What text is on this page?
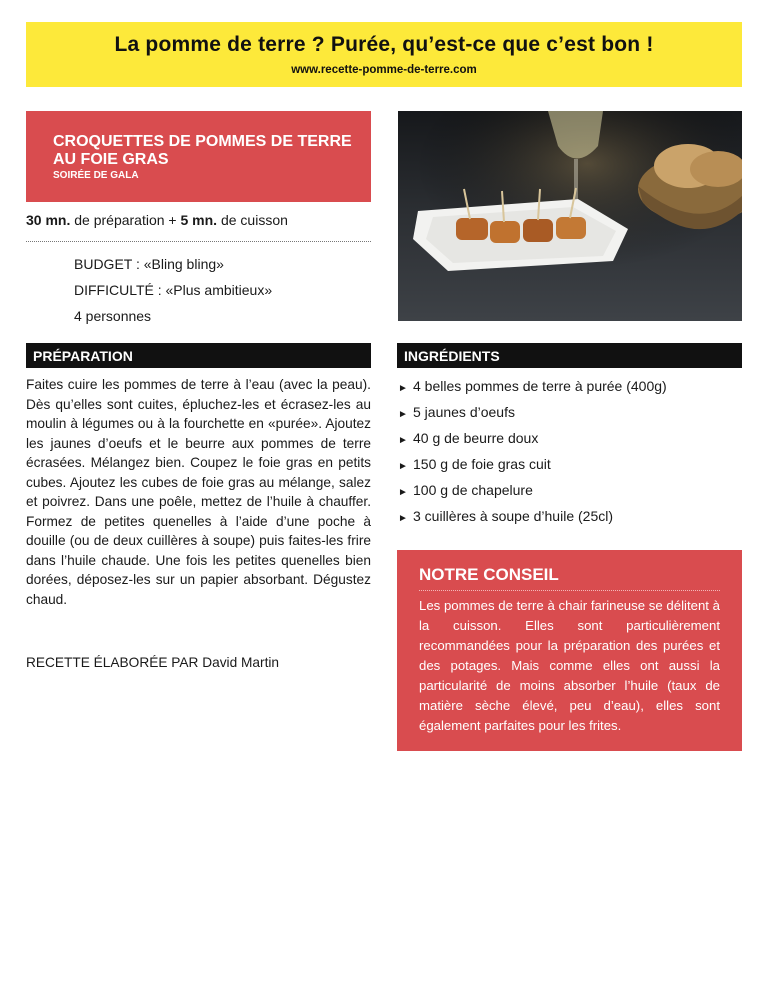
La pomme de terre ? Purée, qu’est-ce que c’est bon !
www.recette-pomme-de-terre.com
CROQUETTES DE POMMES DE TERRE AU FOIE GRAS
SOIRÉE DE GALA
30 mn. de préparation + 5 mn. de cuisson
BUDGET : «Bling bling»
DIFFICULTÉ : «Plus ambitieux»
4 personnes
PRÉPARATION	INGRÉDIENTS

Faites cuire les pommes de terre à l’eau (avec la peau). Dès qu’elles sont cuites, épluchez-les et écrasez-les au moulin à légumes ou à la fourchette en «purée». Ajoutez les jaunes d’oeufs et le beurre aux pommes de terre écrasées. Mélangez bien. Coupez le foie gras en petits cubes. Ajoutez les cubes de foie gras au mélange, salez et poivrez. Dans une poêle, mettez de l’huile à chauffer. Formez de petites quenelles à l’aide d’une poche à douille (ou de deux cuillères à soupe) puis faites-les frire dans l’huile chaude. Une fois les petites quenelles bien dorées, déposez-les sur un papier absorbant. Dégustez chaud.

RECETTE ÉLABORÉE PAR David Martin
► 4 belles pommes de terre à purée (400g)
► 5 jaunes d’oeufs
► 40 g de beurre doux
► 150 g de foie gras cuit
► 100 g de chapelure
► 3 cuillères à soupe d’huile (25cl)
NOTRE CONSEIL

Les pommes de terre à chair farineuse se délitent à la cuisson. Elles sont particulièrement recommandées pour la préparation des purées et des potages. Mais comme elles ont aussi la particularité de moins absorber l’huile (taux de matière sèche élevé, peu d’eau), elles sont également parfaites pour les frites.
